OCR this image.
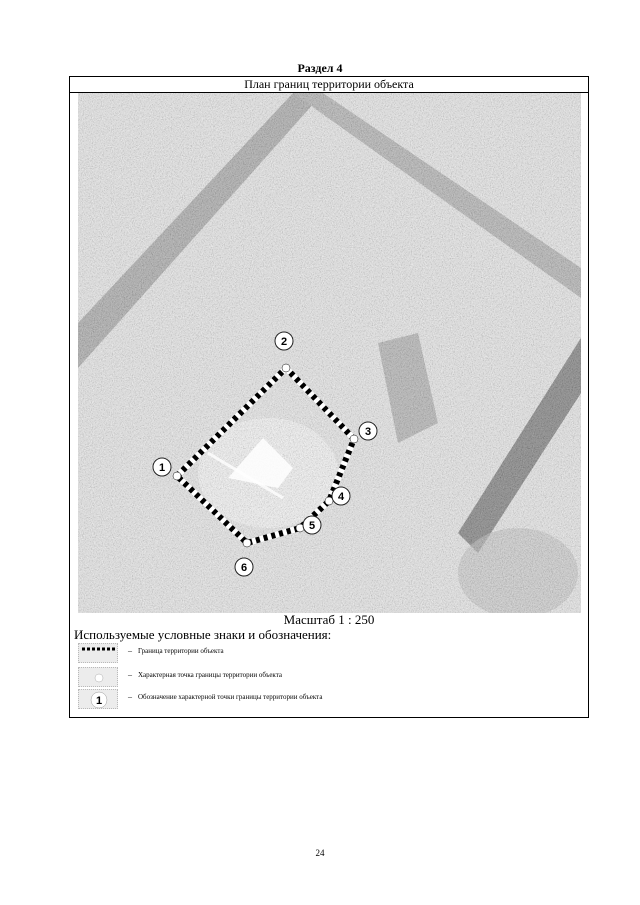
Раздел 4
План границ территории объекта
1
2
3
4
5
6
Масштаб 1 : 250
Используемые условные знаки и обозначения:
– Граница территории объекта
– Характерная точка границы территории объекта
1	– Обозначение характерной точки границы территории объекта
24
